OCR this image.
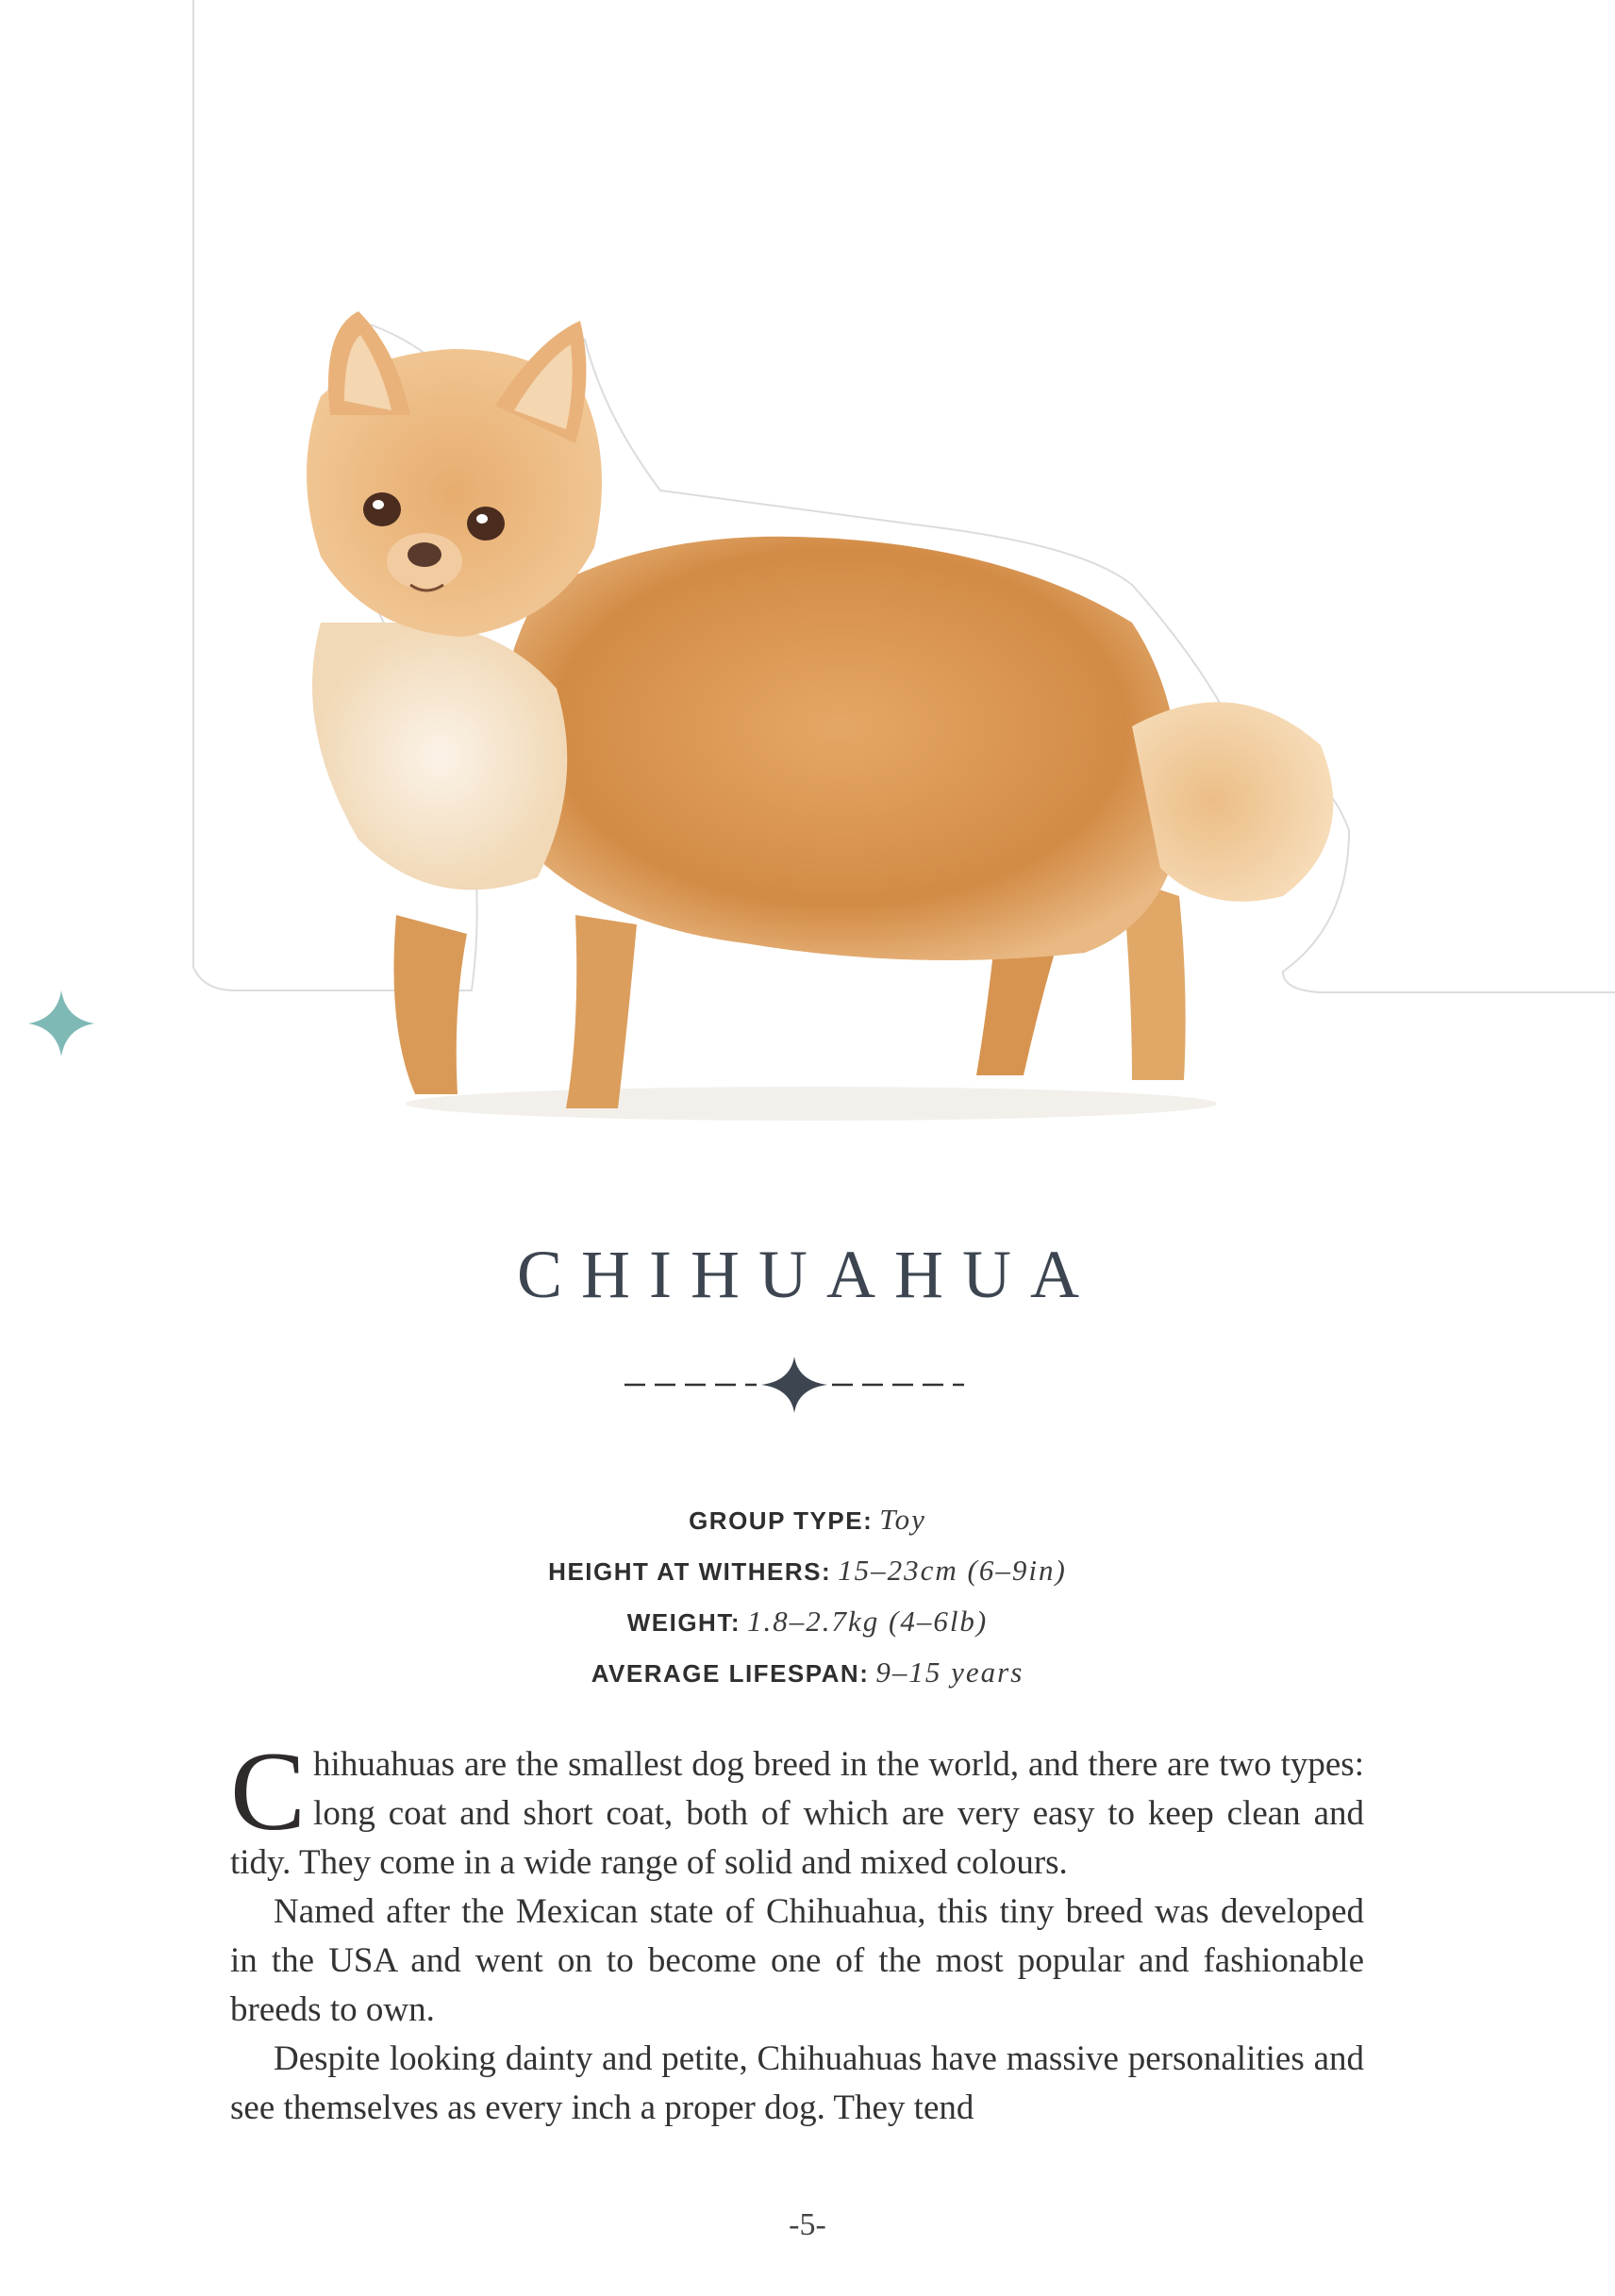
CHIHUAHUA
GROUP TYPE: Toy
HEIGHT AT WITHERS: 15–23cm (6–9in)
WEIGHT: 1.8–2.7kg (4–6lb)
AVERAGE LIFESPAN: 9–15 years

Chihuahuas are the smallest dog breed in the world, and there are two types: long coat and short coat, both of which are very easy to keep clean and tidy. They come in a wide range of solid and mixed colours.

Named after the Mexican state of Chihuahua, this tiny breed was developed in the USA and went on to become one of the most popular and fashionable breeds to own.

Despite looking dainty and petite, Chihuahuas have massive personalities and see themselves as every inch a proper dog. They tend

-5-
